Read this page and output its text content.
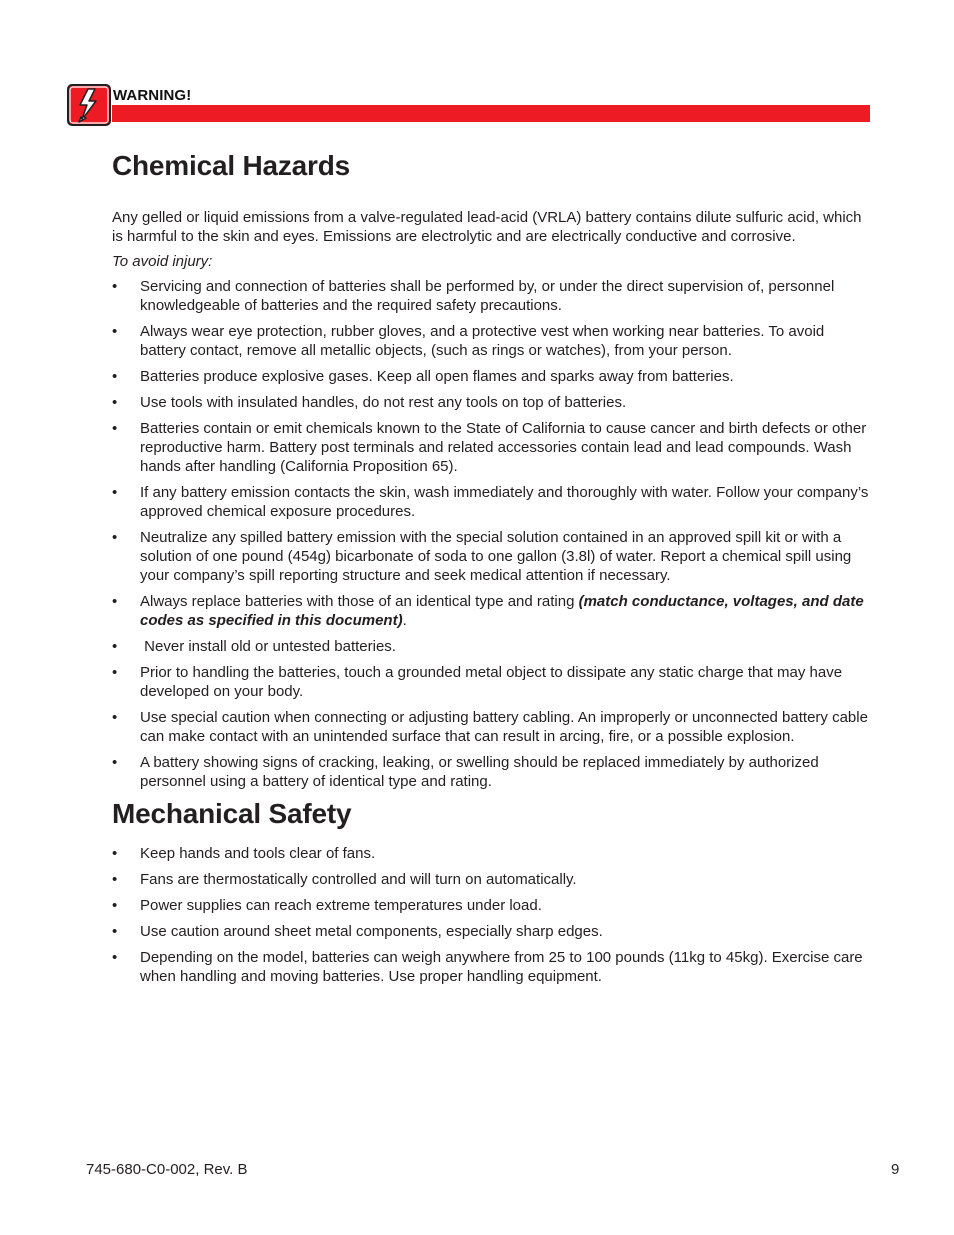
WARNING!
Chemical Hazards

Any gelled or liquid emissions from a valve-regulated lead-acid (VRLA) battery contains dilute sulfuric acid, which is harmful to the skin and eyes. Emissions are electrolytic and are electrically conductive and corrosive.

To avoid injury:

• Servicing and connection of batteries shall be performed by, or under the direct supervision of, personnel knowledgeable of batteries and the required safety precautions.
• Always wear eye protection, rubber gloves, and a protective vest when working near batteries. To avoid battery contact, remove all metallic objects, (such as rings or watches), from your person.
• Batteries produce explosive gases. Keep all open flames and sparks away from batteries.
• Use tools with insulated handles, do not rest any tools on top of batteries.
• Batteries contain or emit chemicals known to the State of California to cause cancer and birth defects or other reproductive harm. Battery post terminals and related accessories contain lead and lead compounds. Wash hands after handling (California Proposition 65).
• If any battery emission contacts the skin, wash immediately and thoroughly with water. Follow your company’s approved chemical exposure procedures.
• Neutralize any spilled battery emission with the special solution contained in an approved spill kit or with a solution of one pound (454g) bicarbonate of soda to one gallon (3.8l) of water. Report a chemical spill using your company’s spill reporting structure and seek medical attention if necessary.
• Always replace batteries with those of an identical type and rating (match conductance, voltages, and date codes as specified in this document).
• Never install old or untested batteries.
• Prior to handling the batteries, touch a grounded metal object to dissipate any static charge that may have developed on your body.
• Use special caution when connecting or adjusting battery cabling. An improperly or unconnected battery cable can make contact with an unintended surface that can result in arcing, fire, or a possible explosion.
• A battery showing signs of cracking, leaking, or swelling should be replaced immediately by authorized personnel using a battery of identical type and rating.
Mechanical Safety
• Keep hands and tools clear of fans.
• Fans are thermostatically controlled and will turn on automatically.
• Power supplies can reach extreme temperatures under load.
• Use caution around sheet metal components, especially sharp edges.
• Depending on the model, batteries can weigh anywhere from 25 to 100 pounds (11kg to 45kg). Exercise care when handling and moving batteries. Use proper handling equipment.
745-680-C0-002, Rev. B	9
